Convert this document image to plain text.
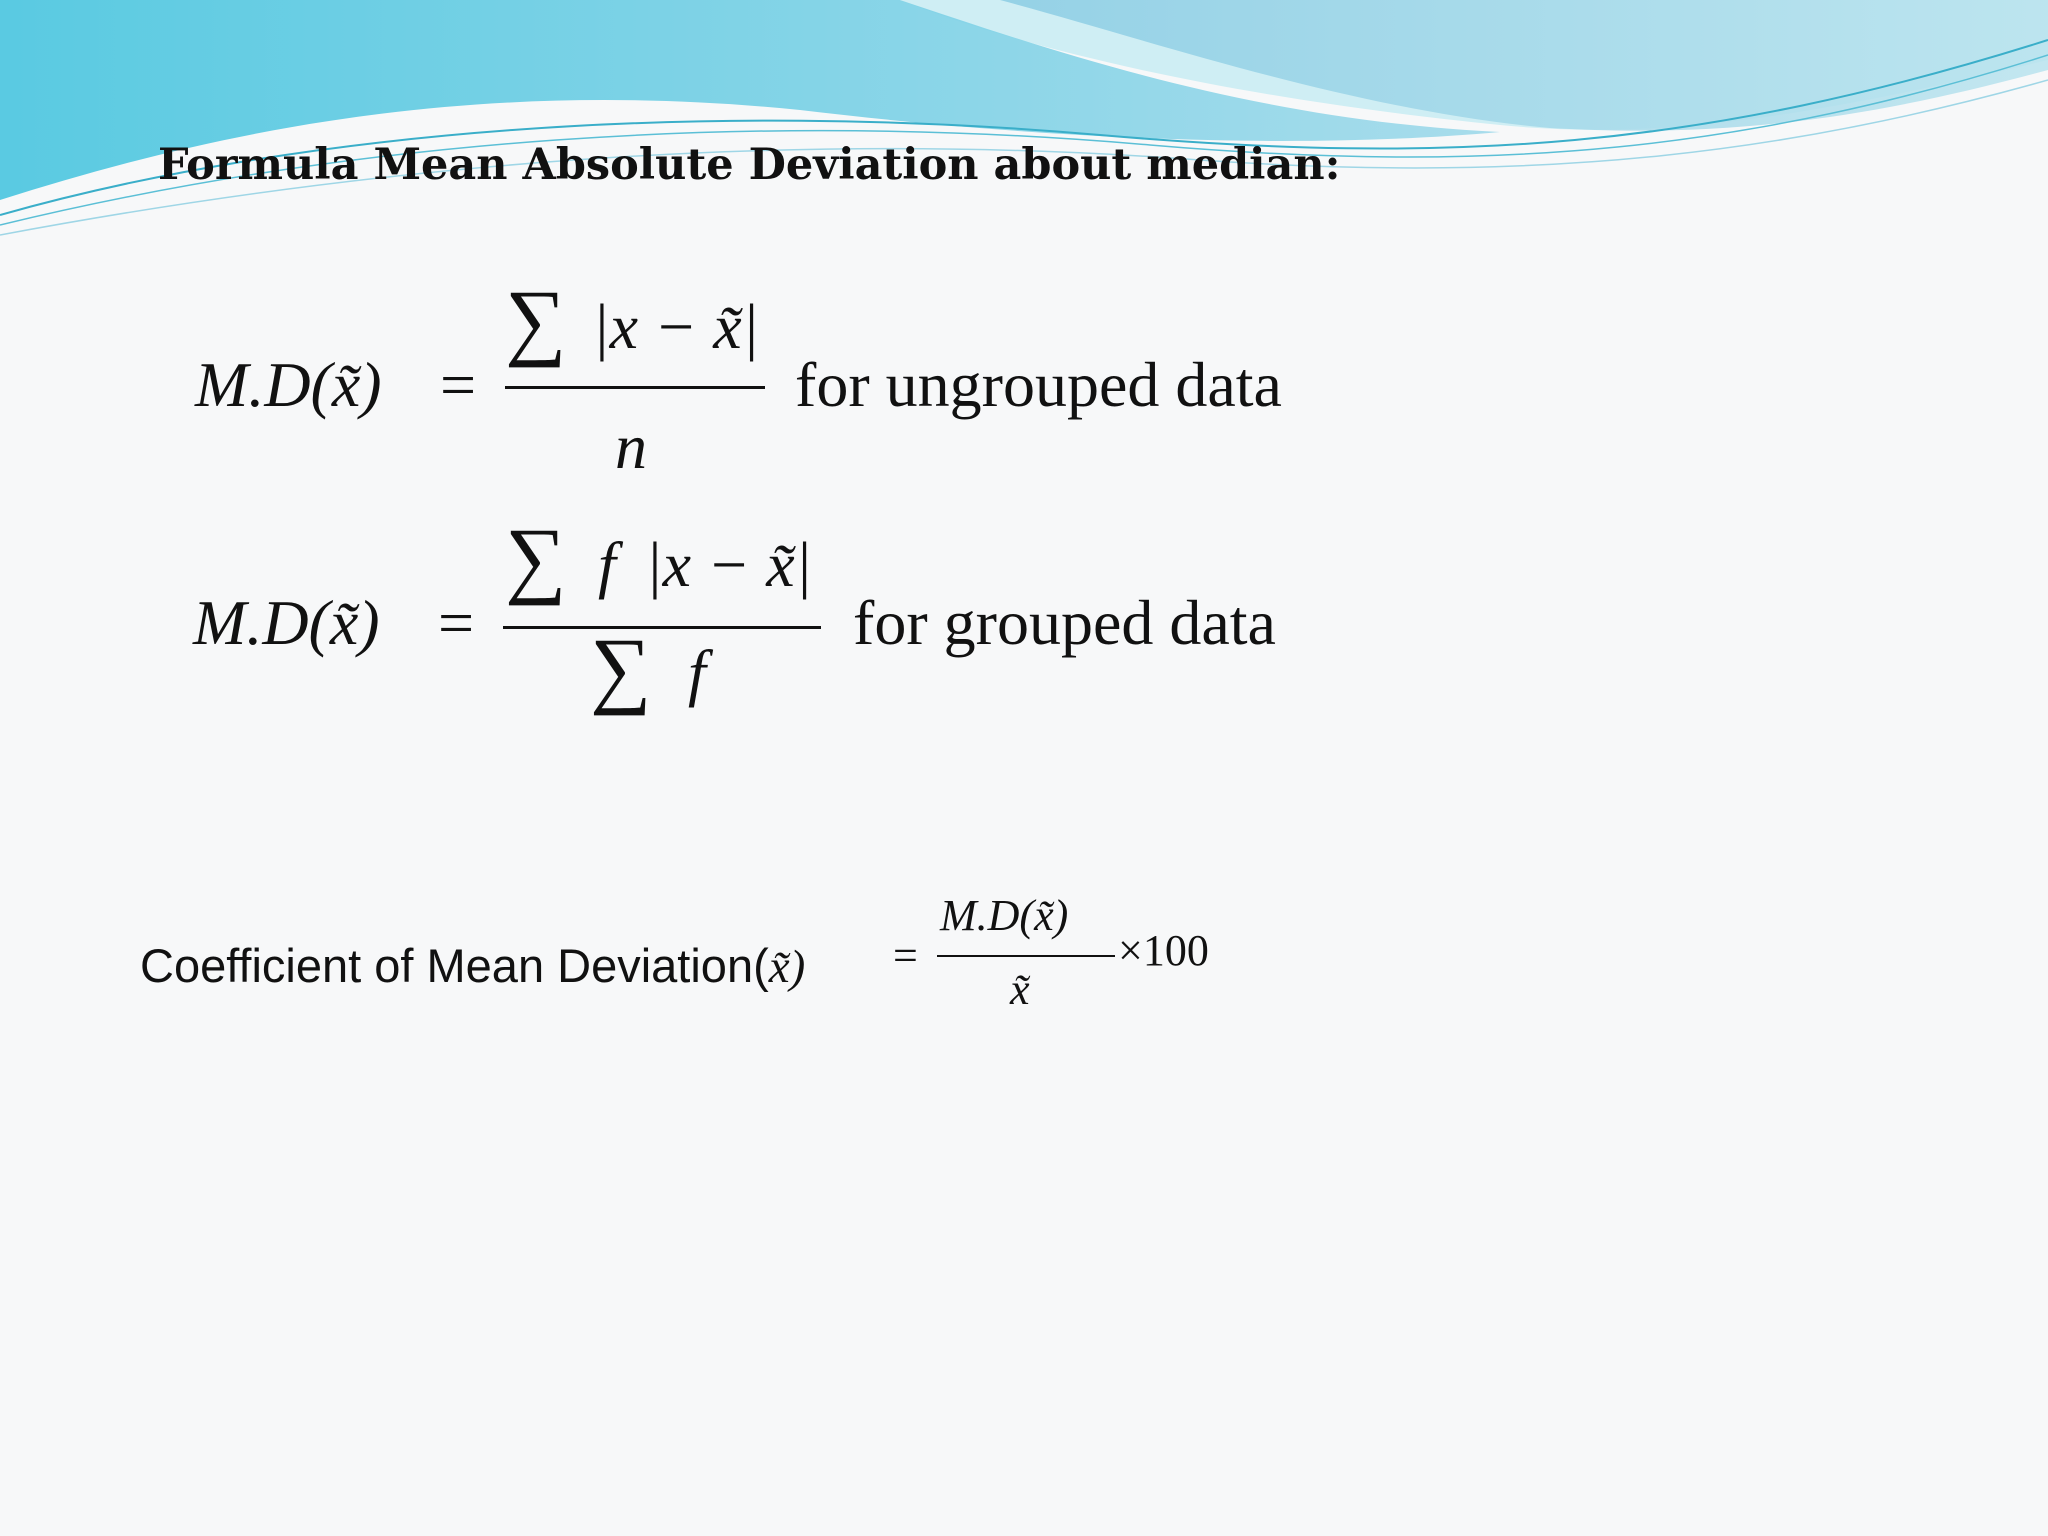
Formula Mean Absolute Deviation about median:
M.D(x̃) =
∑ |x − x̃|
n
for ungrouped data
M.D(x̃) =
∑ f |x − x̃|
∑ f
for grouped data
Coefficient of Mean Deviation(x̃) =
M.D(x̃)
x̃
×100
